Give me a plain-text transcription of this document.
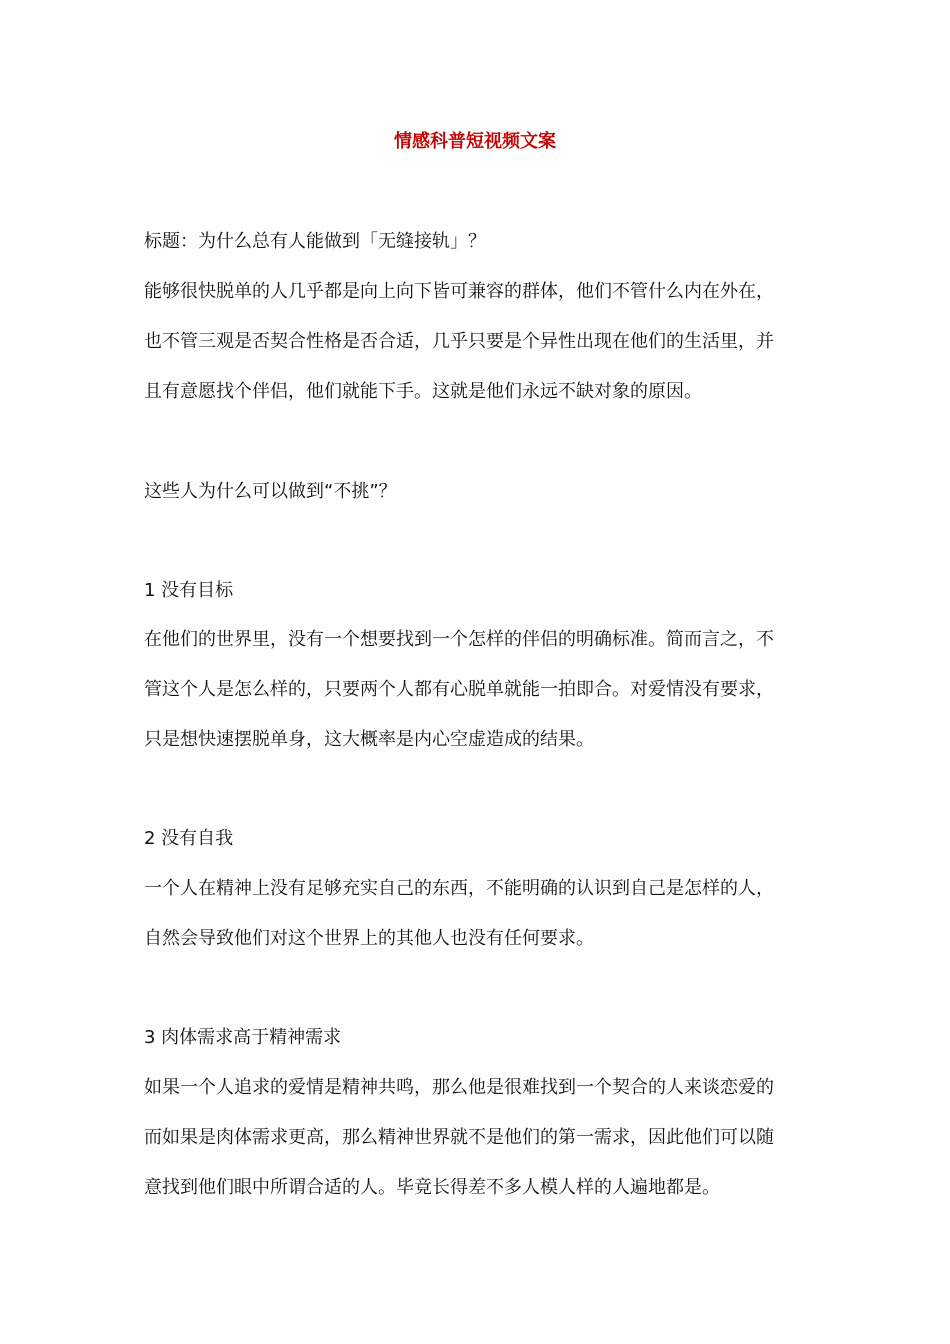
情感科普短视频文案
标题：为什么总有人能做到「无缝接轨」？
能够很快脱单的人几乎都是向上向下皆可兼容的群体，他们不管什么内在外在，
也不管三观是否契合性格是否合适，几乎只要是个异性出现在他们的生活里，并
且有意愿找个伴侣，他们就能下手。这就是他们永远不缺对象的原因。
这些人为什么可以做到“不挑”？
1 没有目标
在他们的世界里，没有一个想要找到一个怎样的伴侣的明确标准。简而言之，不
管这个人是怎么样的，只要两个人都有心脱单就能一拍即合。对爱情没有要求，
只是想快速摆脱单身，这大概率是内心空虚造成的结果。
2 没有自我
一个人在精神上没有足够充实自己的东西，不能明确的认识到自己是怎样的人，
自然会导致他们对这个世界上的其他人也没有任何要求。
3 肉体需求高于精神需求
如果一个人追求的爱情是精神共鸣，那么他是很难找到一个契合的人来谈恋爱的
而如果是肉体需求更高，那么精神世界就不是他们的第一需求，因此他们可以随
意找到他们眼中所谓合适的人。毕竟长得差不多人模人样的人遍地都是。
